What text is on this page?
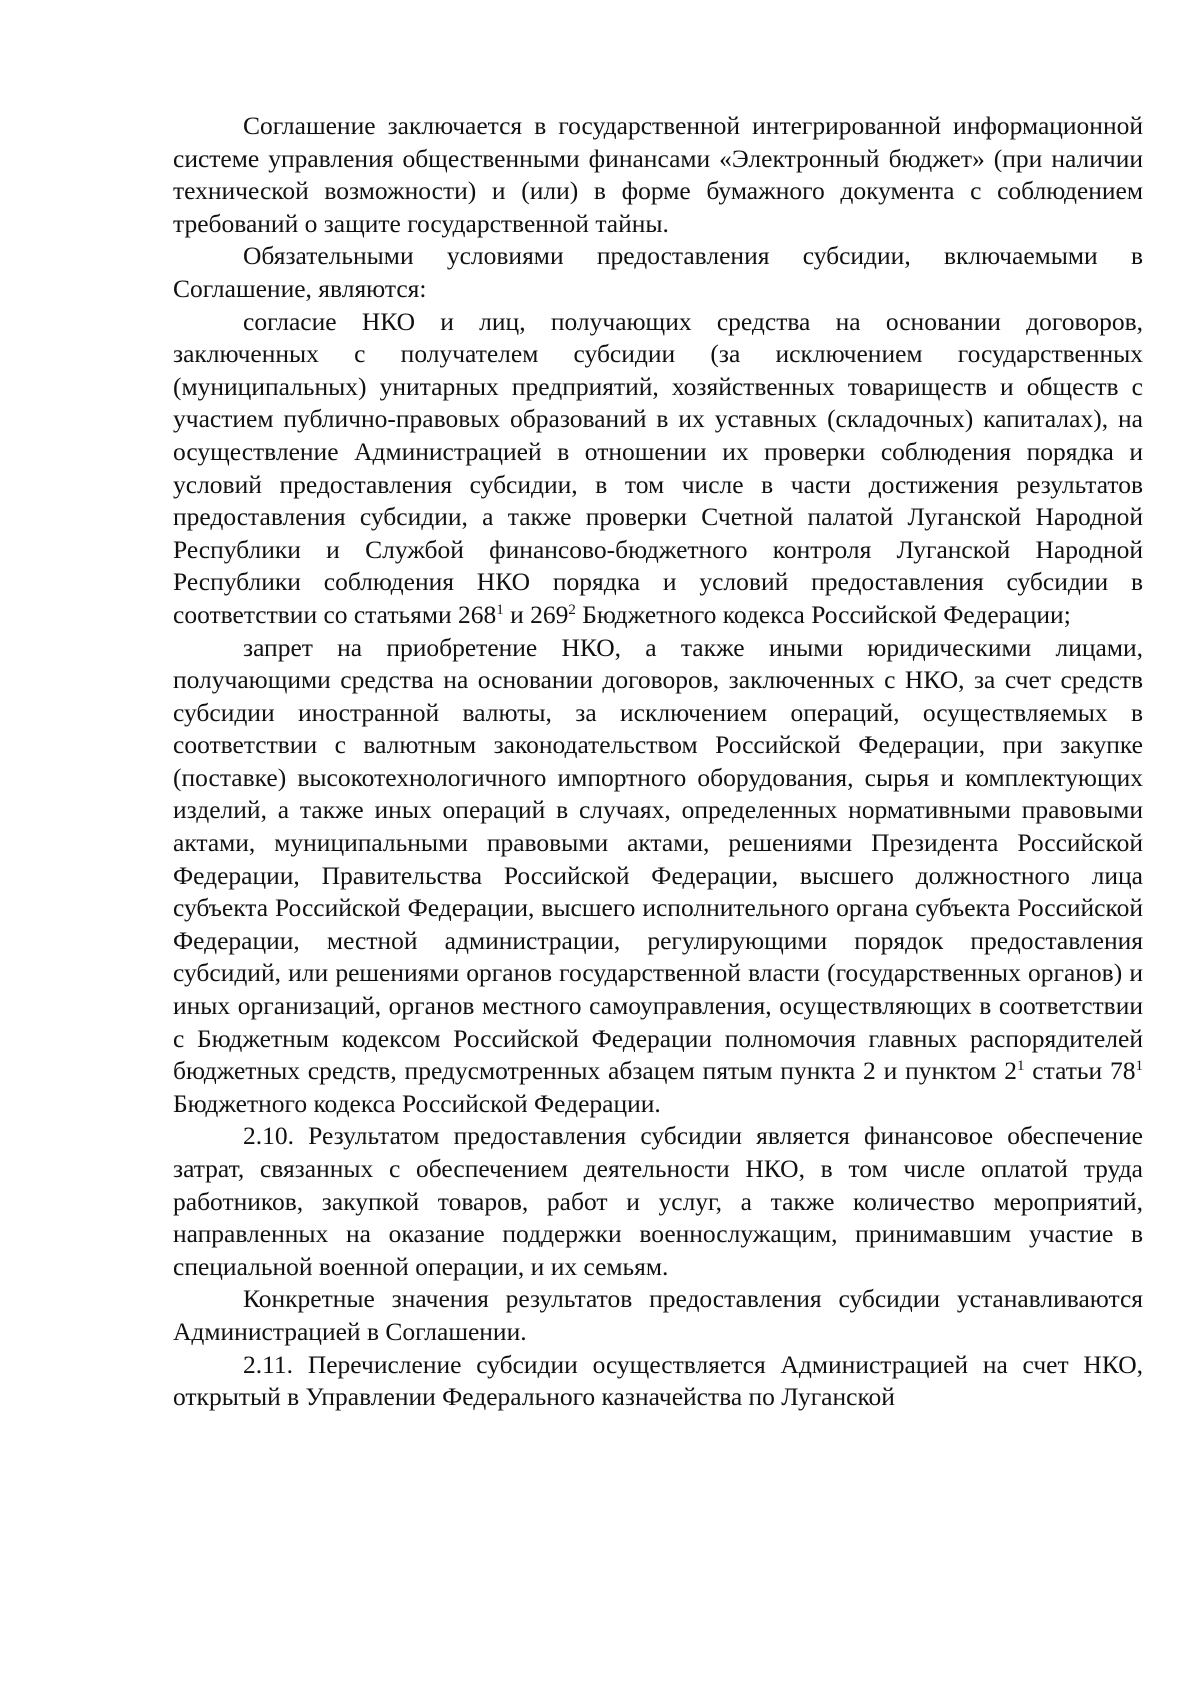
Соглашение заключается в государственной интегрированной информационной системе управления общественными финансами «Электронный бюджет» (при наличии технической возможности) и (или) в форме бумажного документа с соблюдением требований о защите государственной тайны.

Обязательными условиями предоставления субсидии, включаемыми в Соглашение, являются:

согласие НКО и лиц, получающих средства на основании договоров, заключенных с получателем субсидии (за исключением государственных (муниципальных) унитарных предприятий, хозяйственных товариществ и обществ с участием публично-правовых образований в их уставных (складочных) капиталах), на осуществление Администрацией в отношении их проверки соблюдения порядка и условий предоставления субсидии, в том числе в части достижения результатов предоставления субсидии, а также проверки Счетной палатой Луганской Народной Республики и Службой финансово-бюджетного контроля Луганской Народной Республики соблюдения НКО порядка и условий предоставления субсидии в соответствии со статьями $268^1$ и $269^2$ Бюджетного кодекса Российской Федерации;

запрет на приобретение НКО, а также иными юридическими лицами, получающими средства на основании договоров, заключенных с НКО, за счет средств субсидии иностранной валюты, за исключением операций, осуществляемых в соответствии с валютным законодательством Российской Федерации, при закупке (поставке) высокотехнологичного импортного оборудования, сырья и комплектующих изделий, а также иных операций в случаях, определенных нормативными правовыми актами, муниципальными правовыми актами, решениями Президента Российской Федерации, Правительства Российской Федерации, высшего должностного лица субъекта Российской Федерации, высшего исполнительного органа субъекта Российской Федерации, местной администрации, регулирующими порядок предоставления субсидий, или решениями органов государственной власти (государственных органов) и иных организаций, органов местного самоуправления, осуществляющих в соответствии с Бюджетным кодексом Российской Федерации полномочия главных распорядителей бюджетных средств, предусмотренных абзацем пятым пункта 2 и пунктом $2^1$ статьи $78^1$ Бюджетного кодекса Российской Федерации.

2.10. Результатом предоставления субсидии является финансовое обеспечение затрат, связанных с обеспечением деятельности НКО, в том числе оплатой труда работников, закупкой товаров, работ и услуг, а также количество мероприятий, направленных на оказание поддержки военнослужащим, принимавшим участие в специальной военной операции, и их семьям.

Конкретные значения результатов предоставления субсидии устанавливаются Администрацией в Соглашении.

2.11. Перечисление субсидии осуществляется Администрацией на счет НКО, открытый в Управлении Федерального казначейства по Луганской
